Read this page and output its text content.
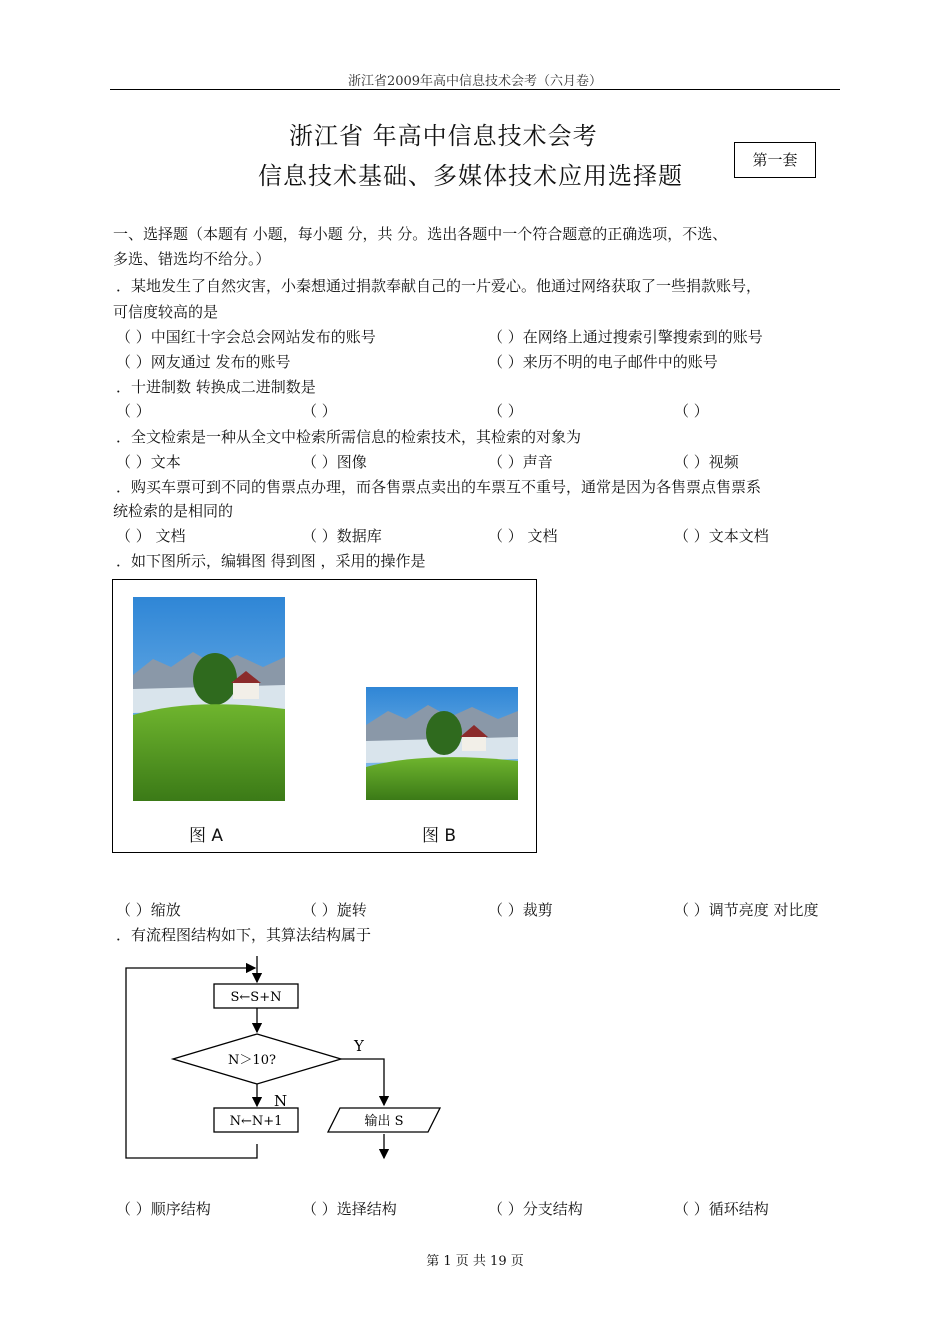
浙江省2009年高中信息技术会考（六月卷）
浙江省 年高中信息技术会考
信息技术基础、多媒体技术应用选择题
第一套
一、选择题（本题有 小题，每小题 分，共 分。选出各题中一个符合题意的正确选项，不选、
多选、错选均不给分。）
．某地发生了自然灾害，小秦想通过捐款奉献自己的一片爱心。他通过网络获取了一些捐款账号，
可信度较高的是
（ ）中国红十字会总会网站发布的账号	（ ）在网络上通过搜索引擎搜索到的账号
（ ）网友通过 发布的账号	（ ）来历不明的电子邮件中的账号
．十进制数 转换成二进制数是
（ ）	（ ）	（ ）	（ ）
．全文检索是一种从全文中检索所需信息的检索技术，其检索的对象为
（ ）文本	（ ）图像	（ ）声音	（ ）视频
．购买车票可到不同的售票点办理，而各售票点卖出的车票互不重号，通常是因为各售票点售票系
统检索的是相同的
（ ） 文档	（ ）数据库	（ ） 文档	（ ）文本文档
．如下图所示，编辑图 得到图 ，采用的操作是
图 A	图 B
（ ）缩放	（ ）旋转	（ ）裁剪	（ ）调节亮度 对比度
．有流程图结构如下，其算法结构属于
S←S+N
N＞10?
Y
N
N←N+1	输出 S
（ ）顺序结构	（ ）选择结构	（ ）分支结构	（ ）循环结构
第 1 页 共 19 页
